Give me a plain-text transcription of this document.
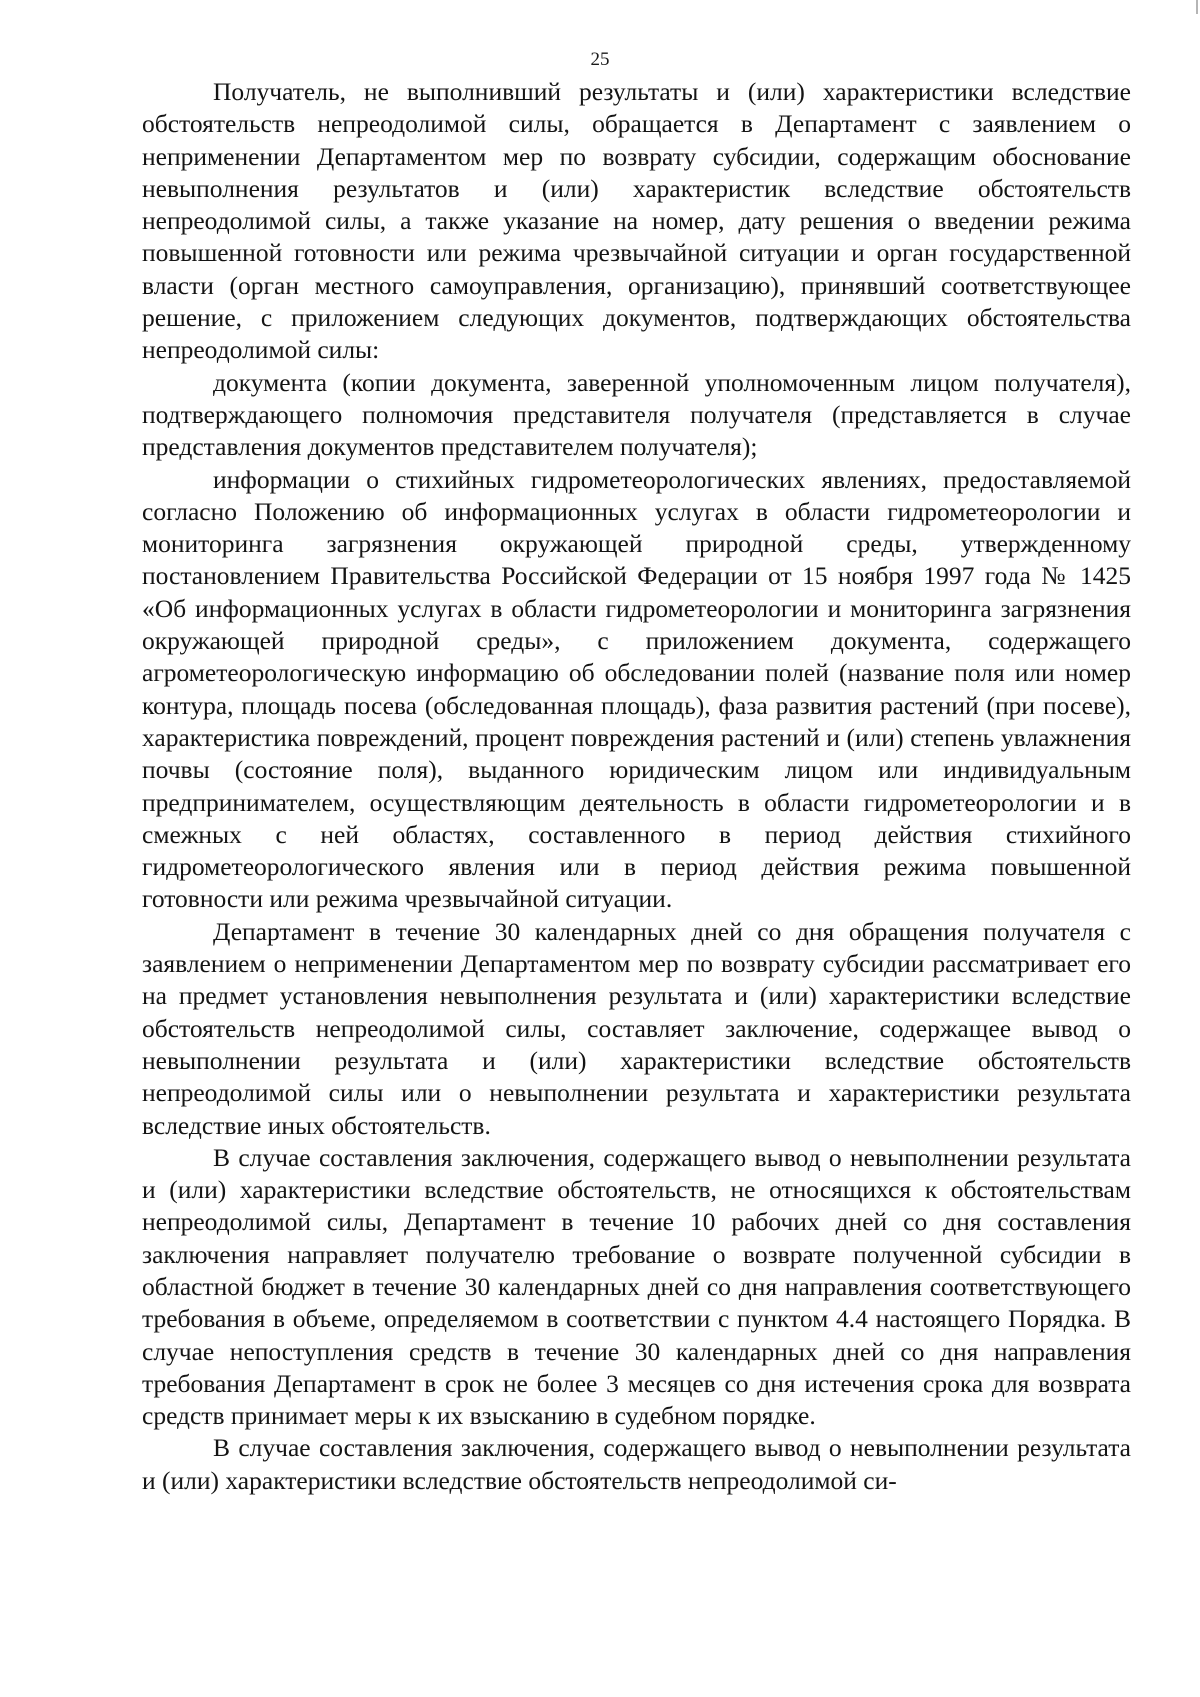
25

Получатель, не выполнивший результаты и (или) характеристики вследствие обстоятельств непреодолимой силы, обращается в Департамент с заявлением о неприменении Департаментом мер по возврату субсидии, содержащим обоснование невыполнения результатов и (или) характеристик вследствие обстоятельств непреодолимой силы, а также указание на номер, дату решения о введении режима повышенной готовности или режима чрезвычайной ситуации и орган государственной власти (орган местного самоуправления, организацию), принявший соответствующее решение, с приложением следующих документов, подтверждающих обстоятельства непреодолимой силы:

документа (копии документа, заверенной уполномоченным лицом получателя), подтверждающего полномочия представителя получателя (представляется в случае представления документов представителем получателя);

информации о стихийных гидрометеорологических явлениях, предоставляемой согласно Положению об информационных услугах в области гидрометеорологии и мониторинга загрязнения окружающей природной среды, утвержденному постановлением Правительства Российской Федерации от 15 ноября 1997 года № 1425 «Об информационных услугах в области гидрометеорологии и мониторинга загрязнения окружающей природной среды», с приложением документа, содержащего агрометеорологическую информацию об обследовании полей (название поля или номер контура, площадь посева (обследованная площадь), фаза развития растений (при посеве), характеристика повреждений, процент повреждения растений и (или) степень увлажнения почвы (состояние поля), выданного юридическим лицом или индивидуальным предпринимателем, осуществляющим деятельность в области гидрометеорологии и в смежных с ней областях, составленного в период действия стихийного гидрометеорологического явления или в период действия режима повышенной готовности или режима чрезвычайной ситуации.

Департамент в течение 30 календарных дней со дня обращения получателя с заявлением о неприменении Департаментом мер по возврату субсидии рассматривает его на предмет установления невыполнения результата и (или) характеристики вследствие обстоятельств непреодолимой силы, составляет заключение, содержащее вывод о невыполнении результата и (или) характеристики вследствие обстоятельств непреодолимой силы или о невыполнении результата и характеристики результата вследствие иных обстоятельств.

В случае составления заключения, содержащего вывод о невыполнении результата и (или) характеристики вследствие обстоятельств, не относящихся к обстоятельствам непреодолимой силы, Департамент в течение 10 рабочих дней со дня составления заключения направляет получателю требование о возврате полученной субсидии в областной бюджет в течение 30 календарных дней со дня направления соответствующего требования в объеме, определяемом в соответствии с пунктом 4.4 настоящего Порядка. В случае непоступления средств в течение 30 календарных дней со дня направления требования Департамент в срок не более 3 месяцев со дня истечения срока для возврата средств принимает меры к их взысканию в судебном порядке.

В случае составления заключения, содержащего вывод о невыполнении результата и (или) характеристики вследствие обстоятельств непреодолимой си-
